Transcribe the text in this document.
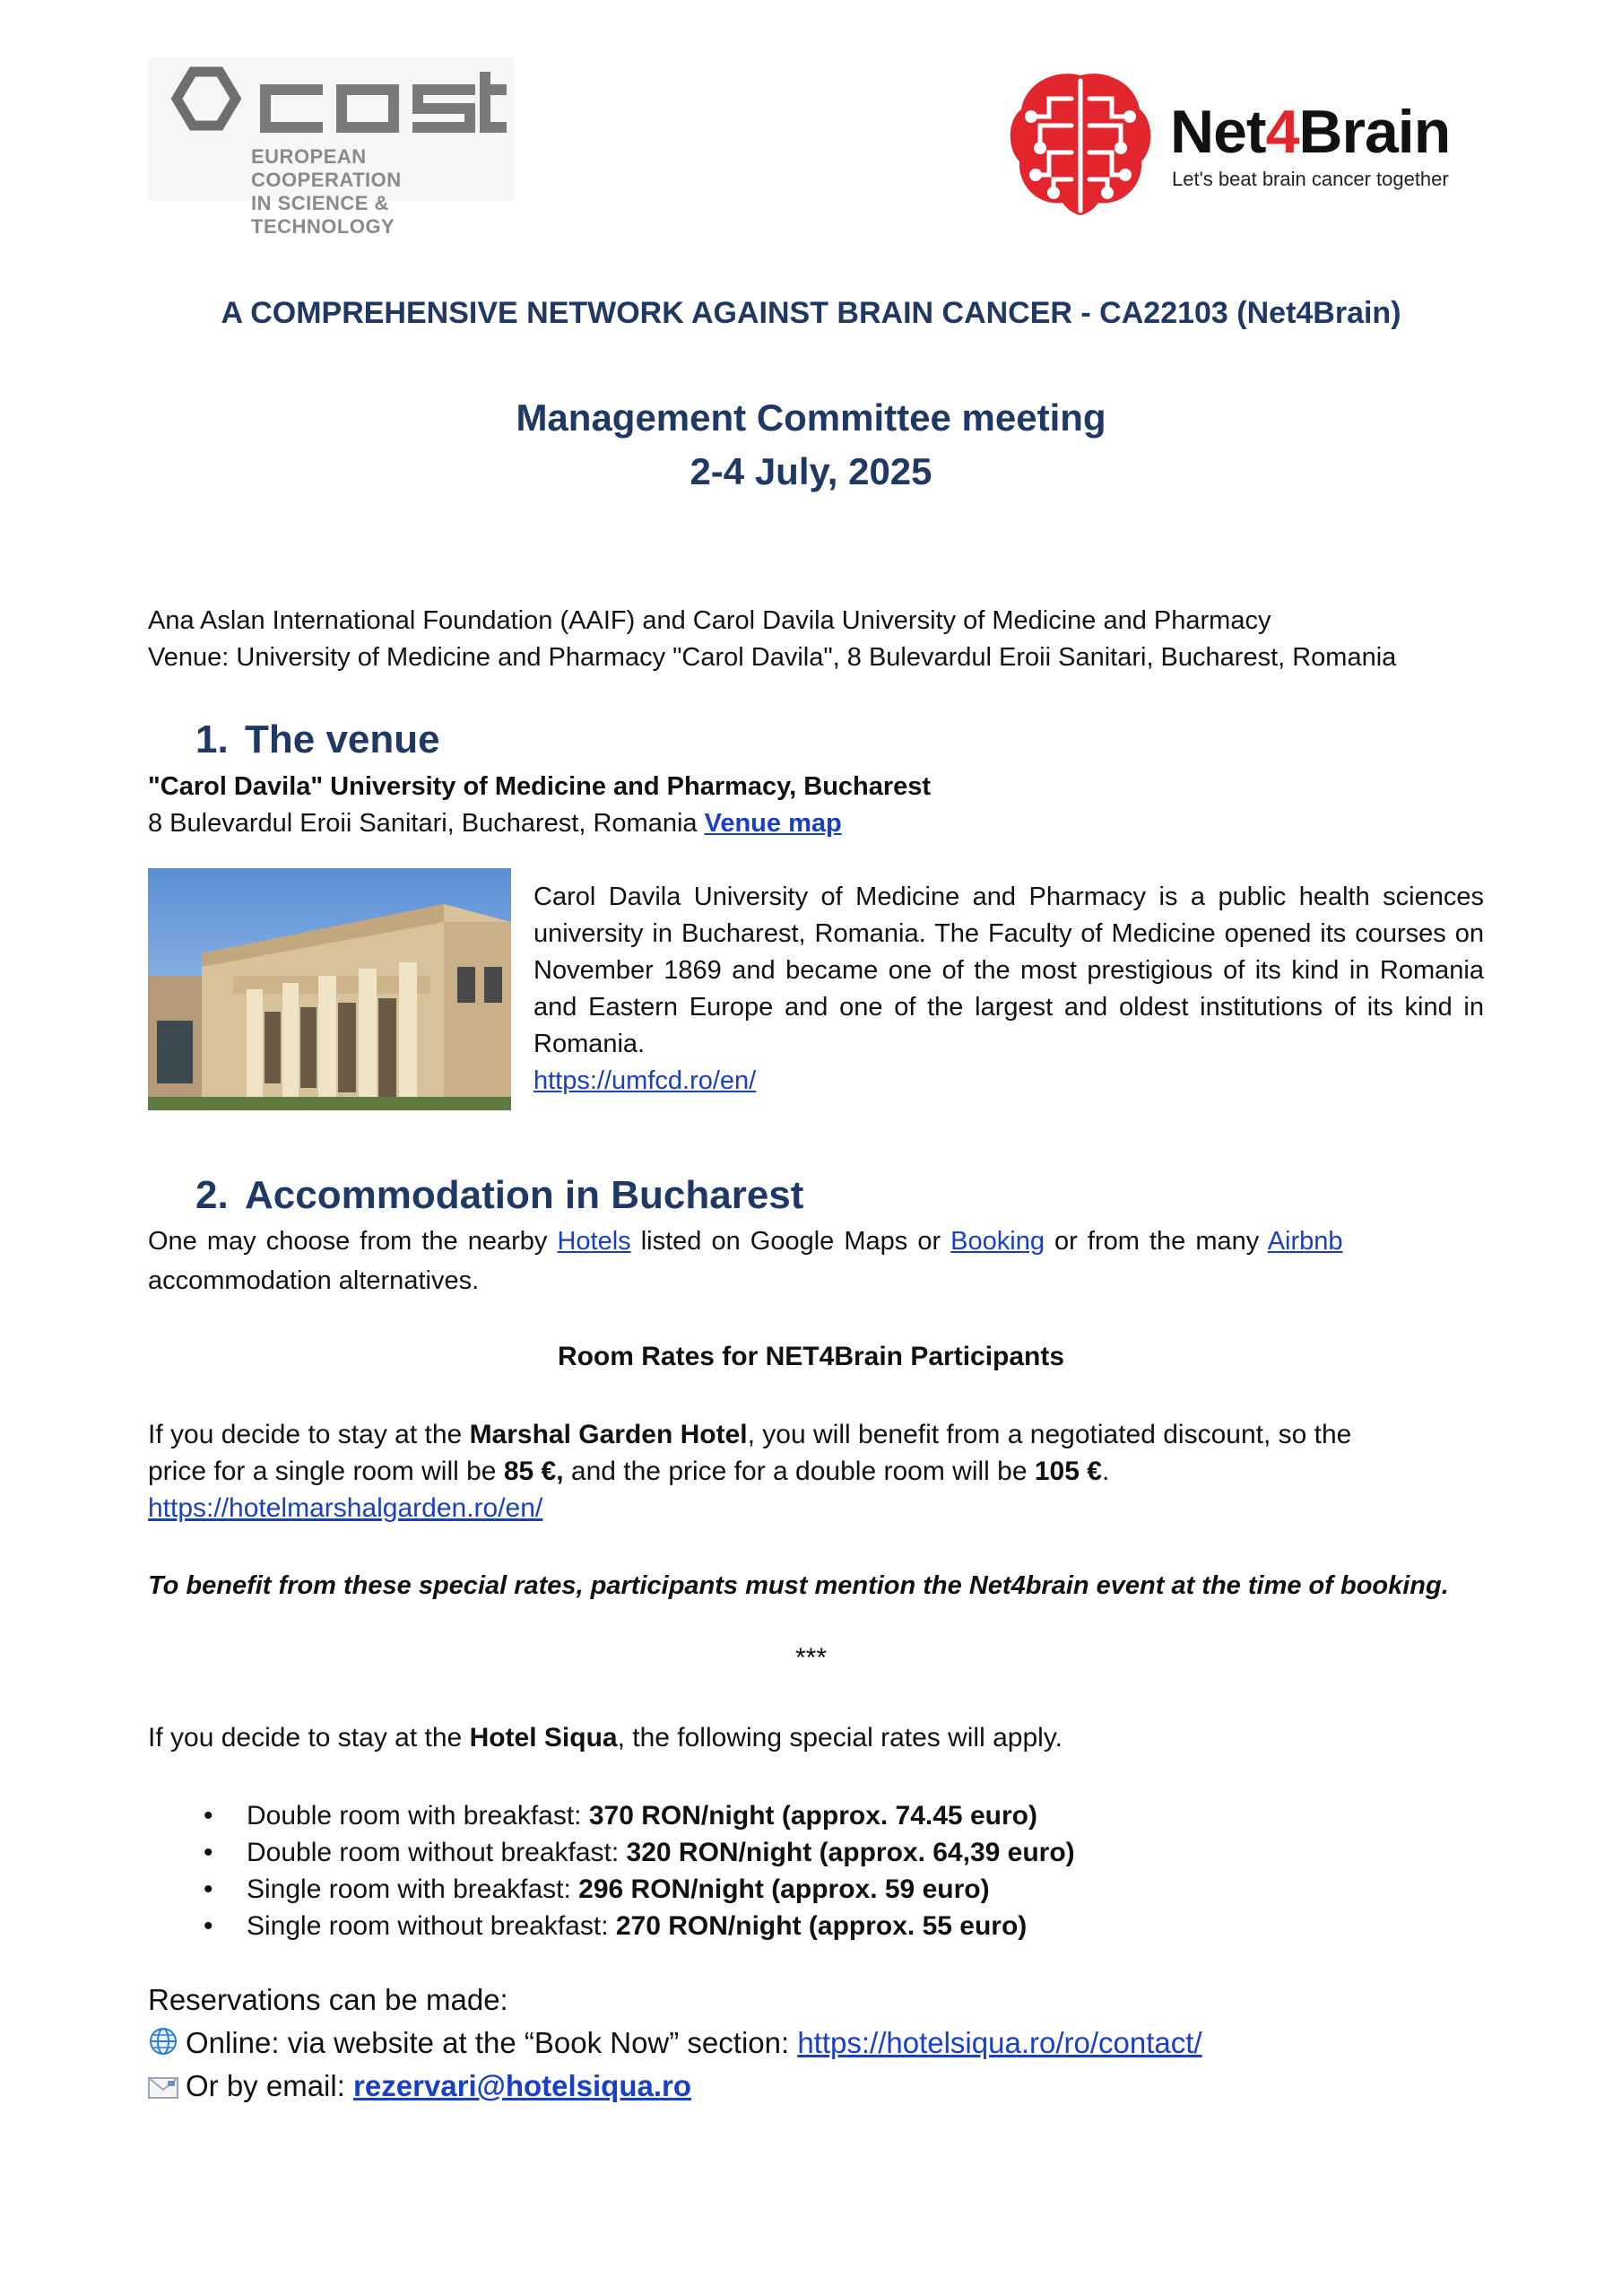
EUROPEAN COOPERATION
IN SCIENCE & TECHNOLOGY
Net4Brain
Let's beat brain cancer together
A COMPREHENSIVE NETWORK AGAINST BRAIN CANCER - CA22103 (Net4Brain)
Management Committee meeting
2-4 July, 2025
Ana Aslan International Foundation (AAIF) and Carol Davila University of Medicine and Pharmacy
Venue: University of Medicine and Pharmacy "Carol Davila", 8 Bulevardul Eroii Sanitari, Bucharest, Romania
1. The venue
"Carol Davila" University of Medicine and Pharmacy, Bucharest
8 Bulevardul Eroii Sanitari, Bucharest, Romania Venue map
Carol Davila University of Medicine and Pharmacy is a public health sciences university in Bucharest, Romania. The Faculty of Medicine opened its courses on November 1869 and became one of the most prestigious of its kind in Romania and Eastern Europe and one of the largest and oldest institutions of its kind in Romania.
https://umfcd.ro/en/
2. Accommodation in Bucharest
One may choose from the nearby Hotels listed on Google Maps or Booking or from the many Airbnb
accommodation alternatives.
Room Rates for NET4Brain Participants
If you decide to stay at the Marshal Garden Hotel, you will benefit from a negotiated discount, so the
price for a single room will be 85 €, and the price for a double room will be 105 €.
https://hotelmarshalgarden.ro/en/
To benefit from these special rates, participants must mention the Net4brain event at the time of booking.
***
If you decide to stay at the Hotel Siqua, the following special rates will apply.
• Double room with breakfast: 370 RON/night (approx. 74.45 euro)
• Double room without breakfast: 320 RON/night (approx. 64,39 euro)
• Single room with breakfast: 296 RON/night (approx. 59 euro)
• Single room without breakfast: 270 RON/night (approx. 55 euro)
Reservations can be made:
Online: via website at the “Book Now” section: https://hotelsiqua.ro/ro/contact/
Or by email: rezervari@hotelsiqua.ro
